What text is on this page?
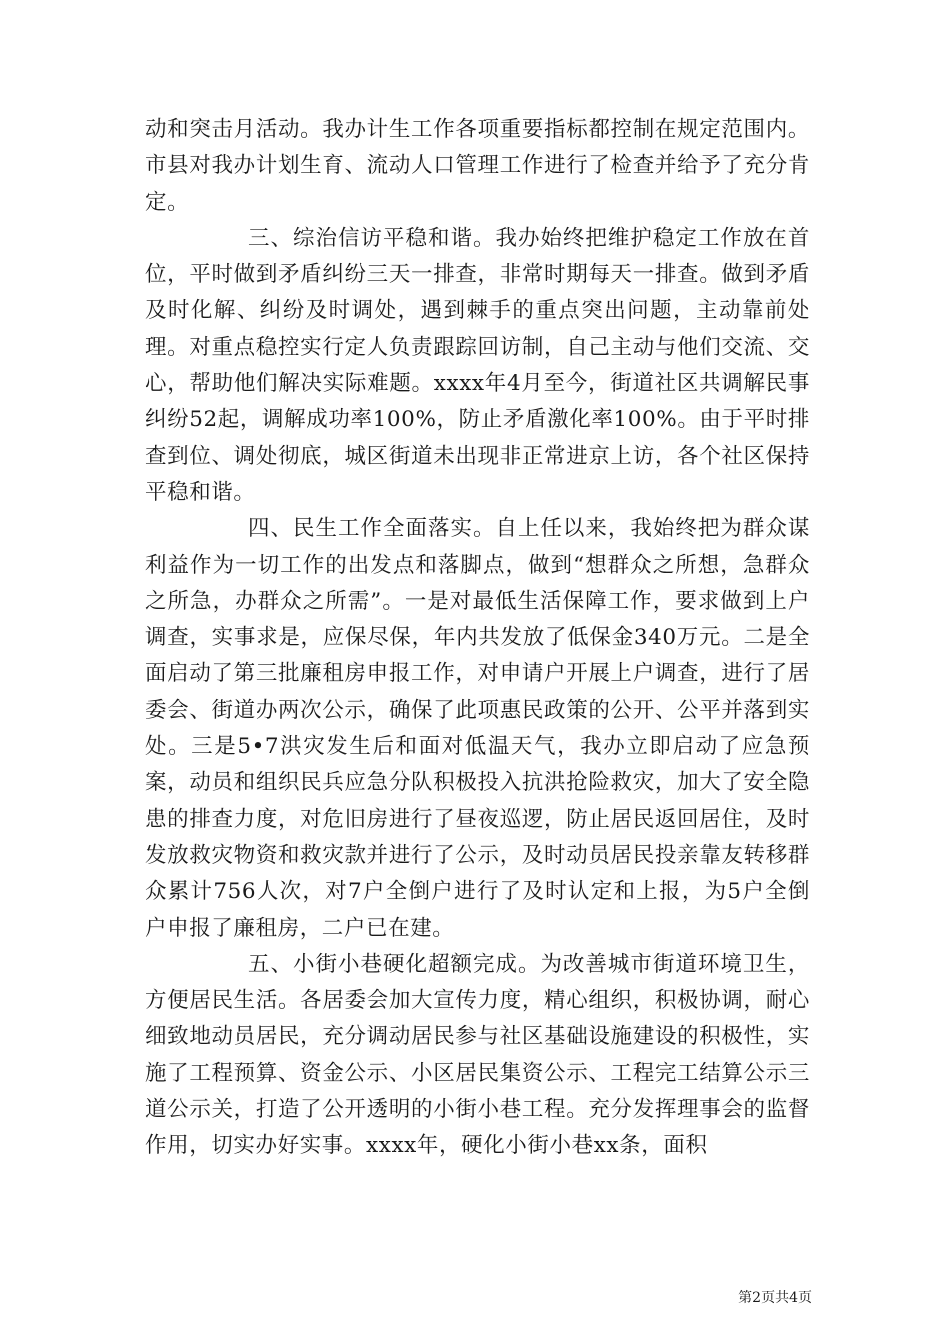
动和突击月活动。我办计生工作各项重要指标都控制在规定范围内。市县对我办计划生育、流动人口管理工作进行了检查并给予了充分肯定。

三、综治信访平稳和谐。我办始终把维护稳定工作放在首位，平时做到矛盾纠纷三天一排查，非常时期每天一排查。做到矛盾及时化解、纠纷及时调处，遇到棘手的重点突出问题，主动靠前处理。对重点稳控实行定人负责跟踪回访制，自己主动与他们交流、交心，帮助他们解决实际难题。xxxx年4月至今，街道社区共调解民事纠纷52起，调解成功率100%，防止矛盾激化率100%。由于平时排查到位、调处彻底，城区街道未出现非正常进京上访，各个社区保持平稳和谐。

四、民生工作全面落实。自上任以来，我始终把为群众谋利益作为一切工作的出发点和落脚点，做到“想群众之所想，急群众之所急，办群众之所需”。一是对最低生活保障工作，要求做到上户调查，实事求是，应保尽保，年内共发放了低保金340万元。二是全面启动了第三批廉租房申报工作，对申请户开展上户调查，进行了居委会、街道办两次公示，确保了此项惠民政策的公开、公平并落到实处。三是5•7洪灾发生后和面对低温天气，我办立即启动了应急预案，动员和组织民兵应急分队积极投入抗洪抢险救灾，加大了安全隐患的排查力度，对危旧房进行了昼夜巡逻，防止居民返回居住，及时发放救灾物资和救灾款并进行了公示，及时动员居民投亲靠友转移群众累计756人次，对7户全倒户进行了及时认定和上报，为5户全倒户申报了廉租房，二户已在建。

五、小街小巷硬化超额完成。为改善城市街道环境卫生，方便居民生活。各居委会加大宣传力度，精心组织，积极协调，耐心细致地动员居民，充分调动居民参与社区基础设施建设的积极性，实施了工程预算、资金公示、小区居民集资公示、工程完工结算公示三道公示关，打造了公开透明的小街小巷工程。充分发挥理事会的监督作用，切实办好实事。xxxx年，硬化小街小巷xx条，面积

第2页共4页
